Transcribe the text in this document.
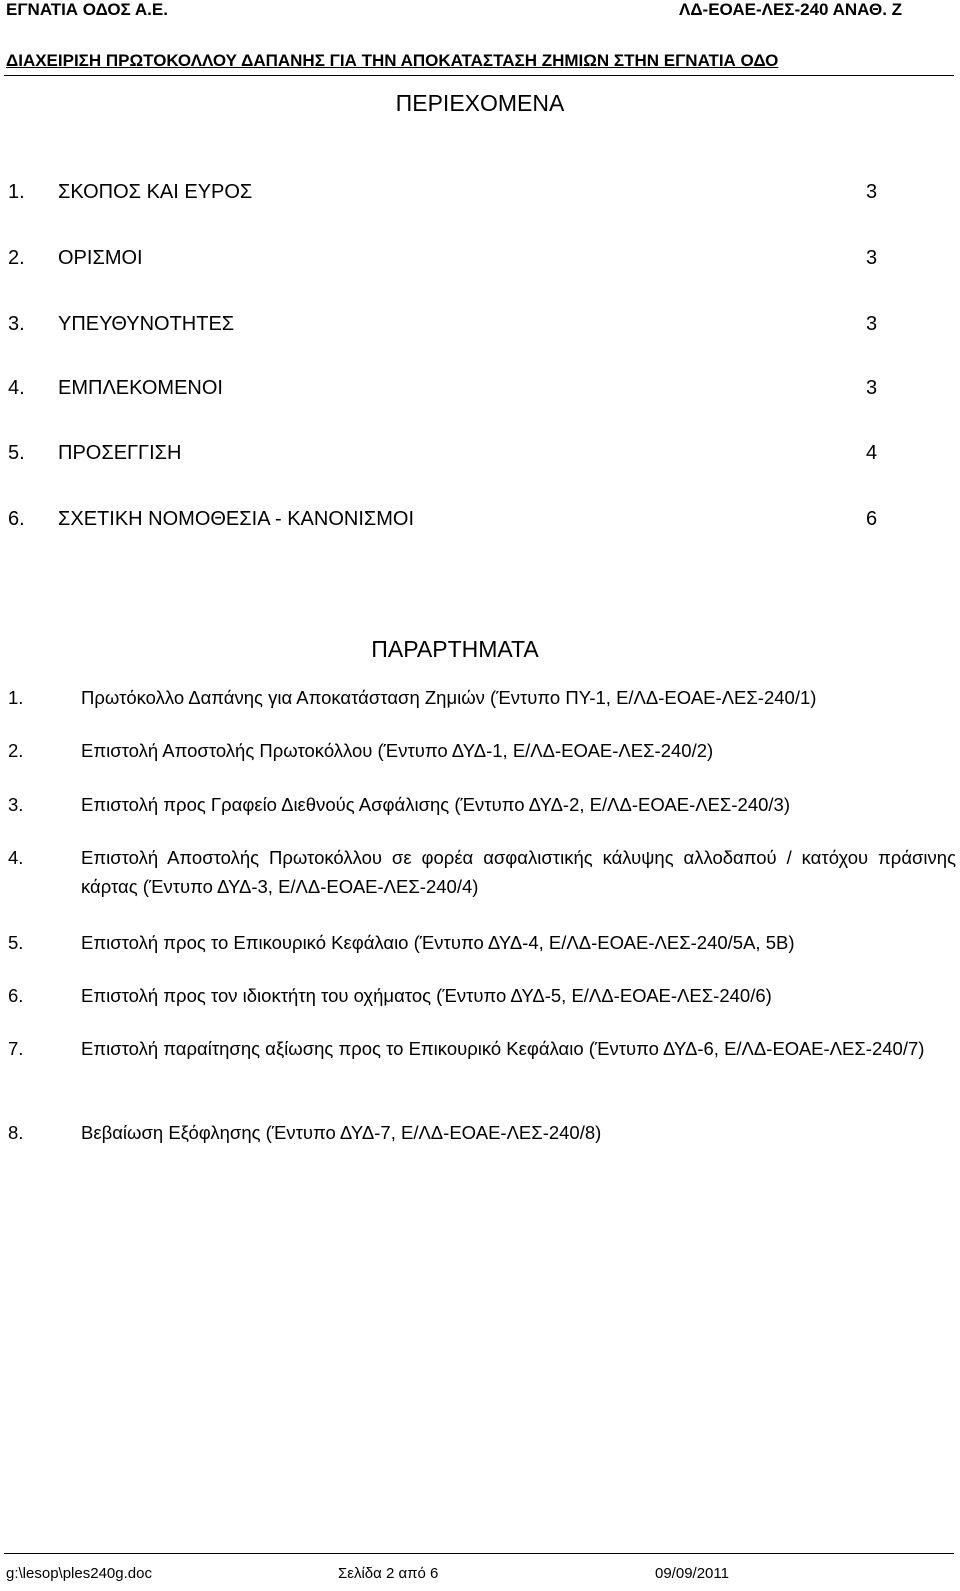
ΕΓΝΑΤΙΑ ΟΔΟΣ Α.Ε.	ΛΔ-ΕΟΑΕ-ΛΕΣ-240 ΑΝΑΘ. Ζ
ΔΙΑΧΕΙΡΙΣΗ ΠΡΩΤΟΚΟΛΛΟΥ ΔΑΠΑΝΗΣ ΓΙΑ ΤΗΝ ΑΠΟΚΑΤΑΣΤΑΣΗ ΖΗΜΙΩΝ ΣΤΗΝ ΕΓΝΑΤΙΑ ΟΔΟ
ΠΕΡΙΕΧΟΜΕΝΑ
1. ΣΚΟΠΟΣ ΚΑΙ ΕΥΡΟΣ	3
2. ΟΡΙΣΜΟΙ	3
3. ΥΠΕΥΘΥΝΟΤΗΤΕΣ	3
4. ΕΜΠΛΕΚΟΜΕΝΟΙ	3
5. ΠΡΟΣΕΓΓΙΣΗ	4
6. ΣΧΕΤΙΚΗ ΝΟΜΟΘΕΣΙΑ - ΚΑΝΟΝΙΣΜΟΙ	6
ΠΑΡΑΡΤΗΜΑΤΑ
1.	Πρωτόκολλο Δαπάνης για Αποκατάσταση Ζημιών (Έντυπο ΠΥ-1, Ε/ΛΔ-ΕΟΑΕ-ΛΕΣ-240/1)
2.	Επιστολή Αποστολής Πρωτοκόλλου (Έντυπο ΔΥΔ-1, Ε/ΛΔ-ΕΟΑΕ-ΛΕΣ-240/2)
3.	Επιστολή προς Γραφείο Διεθνούς Ασφάλισης (Έντυπο ΔΥΔ-2, Ε/ΛΔ-ΕΟΑΕ-ΛΕΣ-240/3)
4.	Επιστολή Αποστολής Πρωτοκόλλου σε φορέα ασφαλιστικής κάλυψης αλλοδαπού / κατόχου πράσινης κάρτας (Έντυπο ΔΥΔ-3, Ε/ΛΔ-ΕΟΑΕ-ΛΕΣ-240/4)
5.	Επιστολή προς το Επικουρικό Κεφάλαιο (Έντυπο ΔΥΔ-4, Ε/ΛΔ-ΕΟΑΕ-ΛΕΣ-240/5Α, 5Β)
6.	Επιστολή προς τον ιδιοκτήτη του οχήματος (Έντυπο ΔΥΔ-5, Ε/ΛΔ-ΕΟΑΕ-ΛΕΣ-240/6)
7.	Επιστολή παραίτησης αξίωσης προς το Επικουρικό Κεφάλαιο (Έντυπο ΔΥΔ-6, Ε/ΛΔ-ΕΟΑΕ-ΛΕΣ-240/7)
8.	Βεβαίωση Εξόφλησης (Έντυπο ΔΥΔ-7, Ε/ΛΔ-ΕΟΑΕ-ΛΕΣ-240/8)
g:\lesop\ples240g.doc	Σελίδα 2 από 6	09/09/2011
